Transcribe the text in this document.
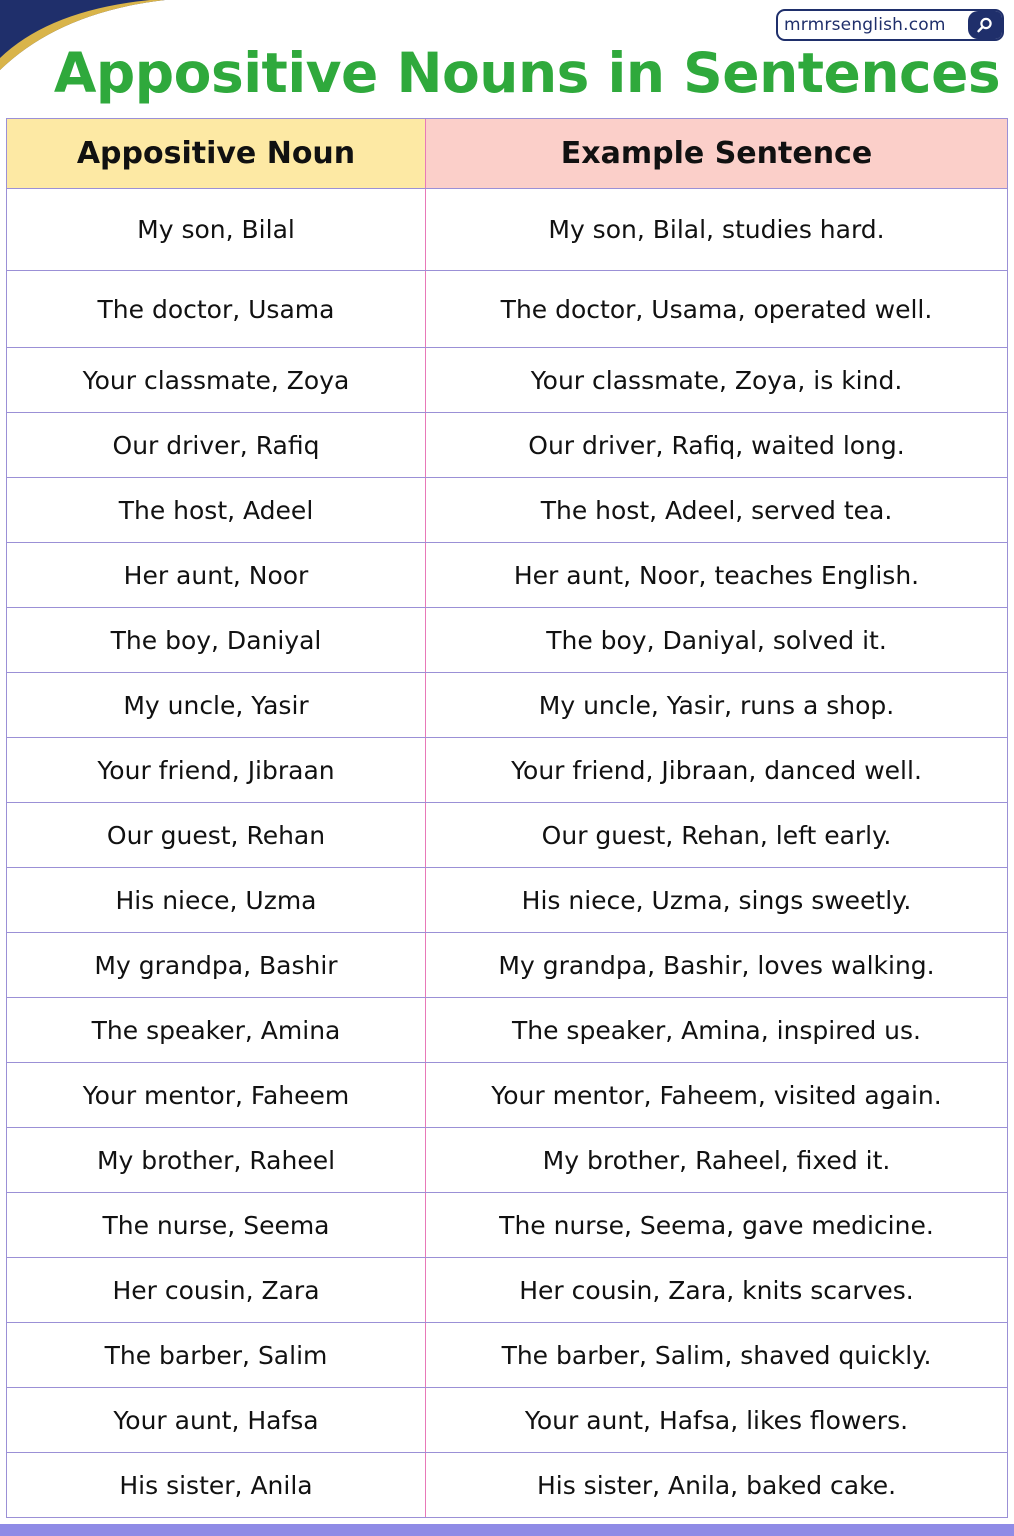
mrmrsenglish.com
Appositive Nouns in Sentences
Appositive Noun	Example Sentence
My son, Bilal	My son, Bilal, studies hard.
The doctor, Usama	The doctor, Usama, operated well.
Your classmate, Zoya	Your classmate, Zoya, is kind.
Our driver, Rafiq	Our driver, Rafiq, waited long.
The host, Adeel	The host, Adeel, served tea.
Her aunt, Noor	Her aunt, Noor, teaches English.
The boy, Daniyal	The boy, Daniyal, solved it.
My uncle, Yasir	My uncle, Yasir, runs a shop.
Your friend, Jibraan	Your friend, Jibraan, danced well.
Our guest, Rehan	Our guest, Rehan, left early.
His niece, Uzma	His niece, Uzma, sings sweetly.
My grandpa, Bashir	My grandpa, Bashir, loves walking.
The speaker, Amina	The speaker, Amina, inspired us.
Your mentor, Faheem	Your mentor, Faheem, visited again.
My brother, Raheel	My brother, Raheel, fixed it.
The nurse, Seema	The nurse, Seema, gave medicine.
Her cousin, Zara	Her cousin, Zara, knits scarves.
The barber, Salim	The barber, Salim, shaved quickly.
Your aunt, Hafsa	Your aunt, Hafsa, likes flowers.
His sister, Anila	His sister, Anila, baked cake.
